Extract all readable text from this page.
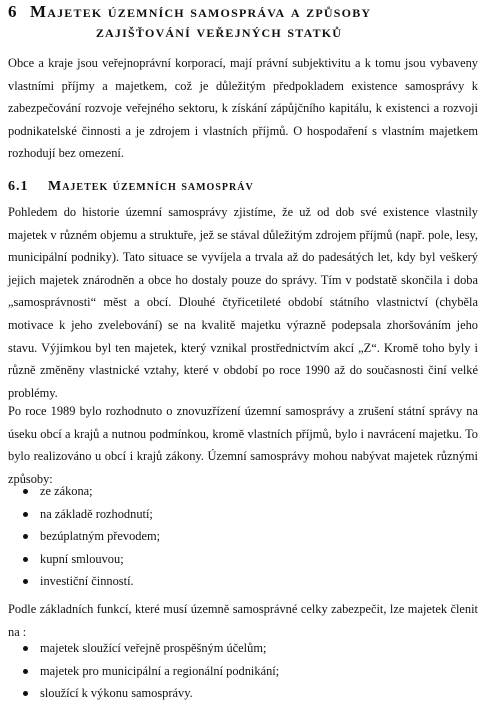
6 Majetek územních samospráva a způsoby
zajišťování veřejných statků

Obce a kraje jsou veřejnoprávní korporací, mají právní subjektivitu a k tomu jsou vybaveny vlastními příjmy a majetkem, což je důležitým předpokladem existence samosprávy k zabezpečování rozvoje veřejného sektoru, k získání zápůjčního kapitálu, k existenci a rozvoji podnikatelské činnosti a je zdrojem i vlastních příjmů. O hospodaření s vlastním majetkem rozhodují bez omezení.

6.1	Majetek územních samospráv

Pohledem do historie územní samosprávy zjistíme, že už od dob své existence vlastnily majetek v různém objemu a struktuře, jež se stával důležitým zdrojem příjmů (např. pole, lesy, municipální podniky). Tato situace se vyvíjela a trvala až do padesátých let, kdy byl veškerý jejich majetek znárodněn a obce ho dostaly pouze do správy. Tím v podstatě skončila i doba „samosprávnosti“ měst a obcí. Dlouhé čtyřicetileté období státního vlastnictví (chyběla motivace k jeho zvelebování) se na kvalitě majetku výrazně podepsala zhoršováním jeho stavu. Výjimkou byl ten majetek, který vznikal prostřednictvím akcí „Z“. Kromě toho byly i různě změněny vlastnické vztahy, které v období po roce 1990 až do současnosti činí velké problémy.

Po roce 1989 bylo rozhodnuto o znovuzřízení územní samosprávy a zrušení státní správy na úseku obcí a krajů a nutnou podmínkou, kromě vlastních příjmů, bylo i navrácení majetku. To bylo realizováno u obcí i krajů zákony. Územní samosprávy mohou nabývat majetek různými způsoby:

ze zákona;
na základě rozhodnutí;
bezúplatným převodem;
kupní smlouvou;
investiční činností.

Podle základních funkcí, které musí územně samosprávné celky zabezpečit, lze majetek členit na :

majetek sloužící veřejně prospěšným účelům;
majetek pro municipální a regionální podnikání;
sloužící k výkonu samosprávy.
